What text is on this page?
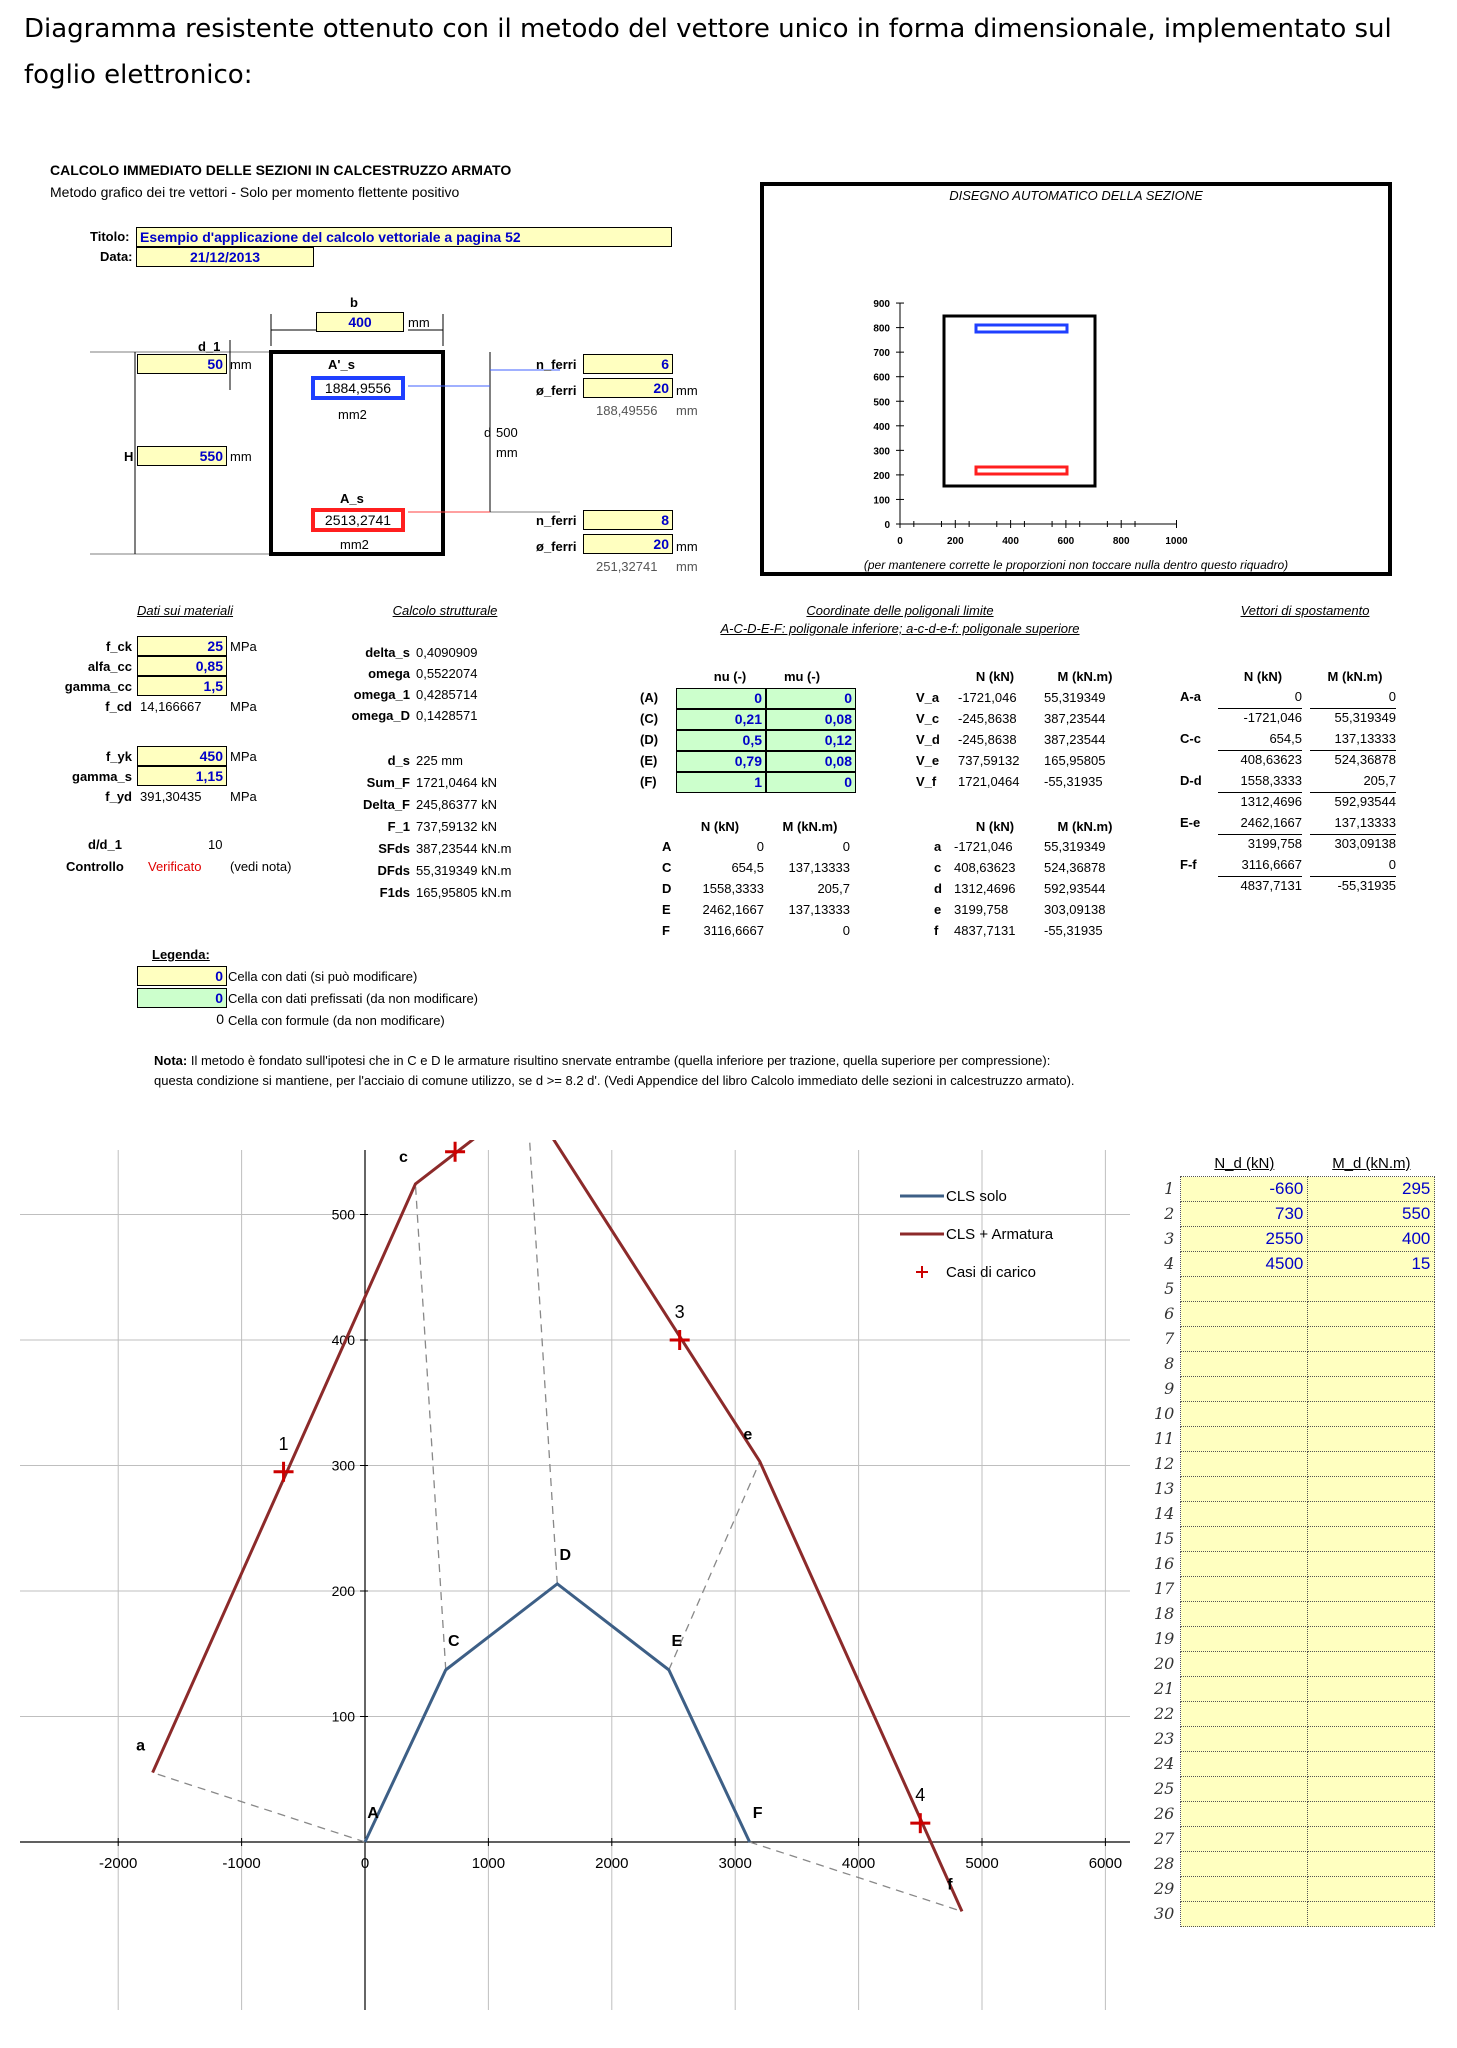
Diagramma resistente ottenuto con il metodo del vettore unico in forma dimensionale, implementato sul foglio elettronico:
CALCOLO IMMEDIATO DELLE SEZIONI IN CALCESTRUZZO ARMATO
Metodo grafico dei tre vettori - Solo per momento flettente positivo
Titolo: Esempio d'applicazione del calcolo vettoriale a pagina 52
Data:	21/12/2013
b
400	mm
d_1
50 mm
H	550 mm
A'_s
1884,9556
mm2
A_s
2513,2741
mm2
d 500
mm
n_ferri	6
ø_ferri	20 mm
188,49556 mm
n_ferri	8
ø_ferri	20 mm
251,32741 mm
DISEGNO AUTOMATICO DELLA SEZIONE
0
100
200
300
400
500
600
700
800
900
0	200	400	600	800	1000
(per mantenere corrette le proporzioni non toccare nulla dentro questo riquadro)
Dati sui materiali
d/d_1	10
Controllo Verificato (vedi nota)
Calcolo strutturale	Coordinate delle poligonali limite
A-C-D-E-F: poligonale inferiore; a-c-d-e-f: poligonale superiore
Vettori di spostamento
Legenda:
Nota: Il metodo è fondato sull'ipotesi che in C e D le armature risultino snervate entrambe (quella inferiore per trazione, quella superiore per compressione):
questa condizione si mantiene, per l'acciaio di comune utilizzo, se d >= 8.2 d'. (Vedi Appendice del libro Calcolo immediato delle sezioni in calcestruzzo armato).
-2000	-1000	0	1000	2000	3000	4000	5000	6000
100
200
300
400
500
A
C
D
E
F
a
c
e
f
1
3
4
CLS solo
CLS + Armatura
Casi di carico
	N_d (kN)	M_d (kN.m)
1	-660	295
2	730	550
3	2550	400
4	4500	15
5		
6		
7		
8		
9		
10		
11		
12		
13		
14		
15		
16		
17		
18		
19		
20		
21		
22		
23		
24		
25		
26		
27		
28		
29		
30		
f_ck	25 MPa
alfa_cc	0,85
gamma_cc	1,5
f_cd 14,166667 MPa
f_yk	450 MPa
gamma_s	1,15
f_yd 391,30435 MPa
delta_s 0,4090909
omega 0,5522074
omega_1 0,4285714
omega_D 0,1428571
d_s 225 mm
Sum_F 1721,0464 kN
Delta_F 245,86377 kN
F_1 737,59132 kN
SFds 387,23544 kN.m
DFds 55,319349 kN.m
F1ds 165,95805 kN.m
nu (-)	mu (-)
(A)	0	0
(C)	0,21	0,08
(D)	0,5	0,12
(E)	0,79	0,08
(F)	1	0
N (kN)	M (kN.m)
V_a -1721,046 55,319349
V_c -245,8638 387,23544
V_d -245,8638 387,23544
V_e 737,59132 165,95805
V_f 1721,0464 -55,31935
N (kN)	M (kN.m)
A	0	0
C	654,5	137,13333
D	1558,3333	205,7
E	2462,1667	137,13333
F	3116,6667	0
N (kN)	M (kN.m)
a -1721,046 55,319349
c 408,63623 524,36878
d 1312,4696 592,93544
e 3199,758	303,09138
f 4837,7131 -55,31935
N (kN)	M (kN.m)
A-a	0	0
-1721,046	55,319349
C-c	654,5	137,13333
408,63623	524,36878
D-d	1558,3333	205,7
1312,4696	592,93544
E-e	2462,1667	137,13333
3199,758	303,09138
F-f	3116,6667	0
4837,7131	-55,31935
0 Cella con dati (si può modificare)
0 Cella con dati prefissati (da non modificare)
0 Cella con formule (da non modificare)
